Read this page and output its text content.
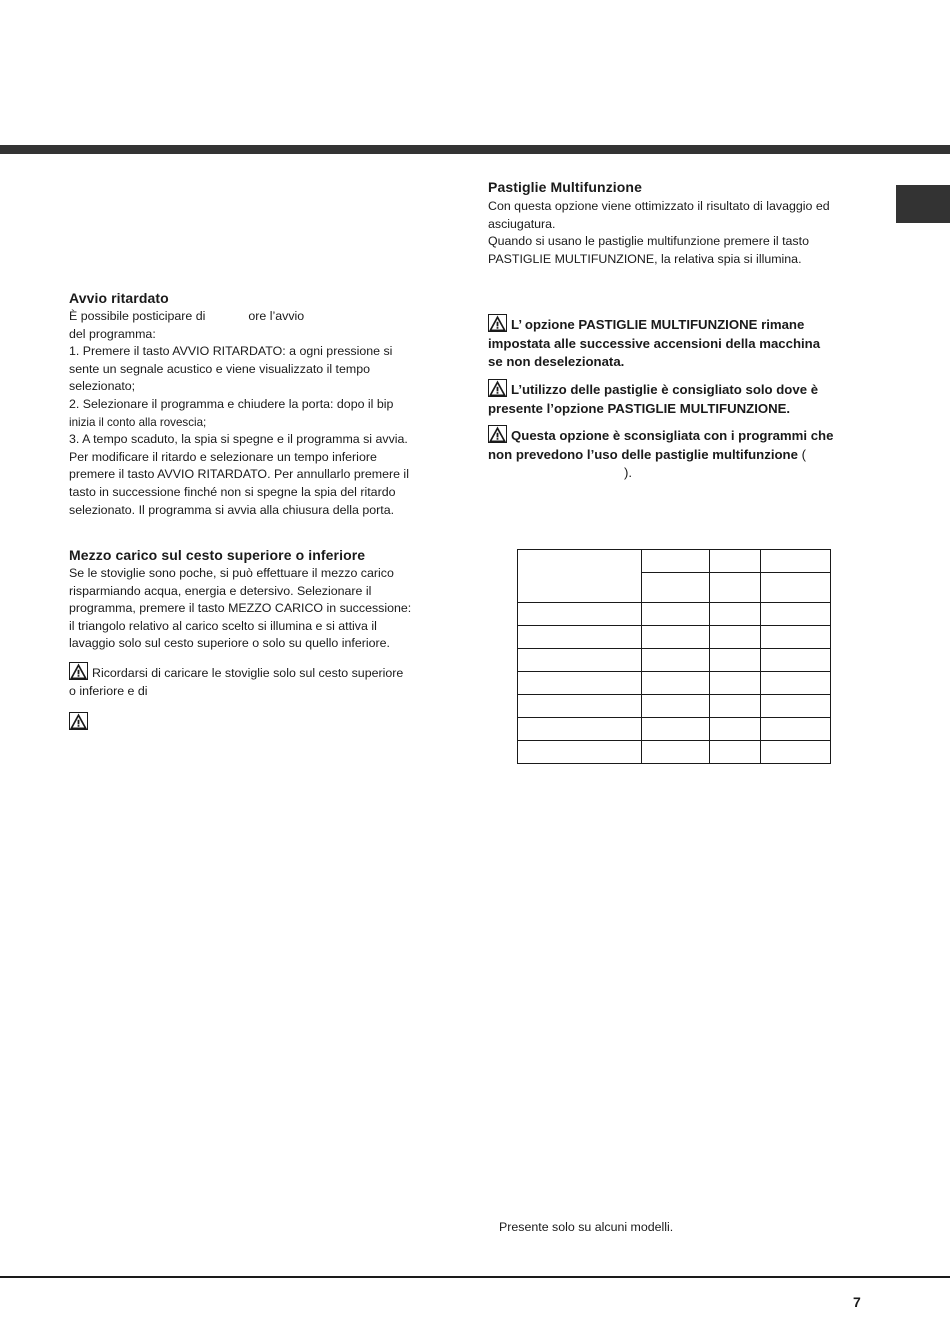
Pastiglie Multifunzione

Con questa opzione viene ottimizzato il risultato di lavaggio ed
asciugatura.
Quando si usano le pastiglie multifunzione premere il tasto
PASTIGLIE MULTIFUNZIONE, la relativa spia si illumina.

L’ opzione PASTIGLIE MULTIFUNZIONE rimane
impostata alle successive accensioni della macchina
se non deselezionata.

L’utilizzo delle pastiglie è consigliato solo dove è
presente l’opzione PASTIGLIE MULTIFUNZIONE.

Questa opzione è sconsigliata con i programmi che
non prevedono l’uso delle pastiglie multifunzione (
).

Avvio ritardato

È possibile posticipare di	ore l’avvio
del programma:
1. Premere il tasto AVVIO RITARDATO: a ogni pressione si
sente un segnale acustico e viene visualizzato il tempo
selezionato;
2. Selezionare il programma e chiudere la porta: dopo il bip
inizia il conto alla rovescia;
3. A tempo scaduto, la spia si spegne e il programma si avvia.
Per modificare il ritardo e selezionare un tempo inferiore
premere il tasto AVVIO RITARDATO. Per annullarlo premere il
tasto in successione finché non si spegne la spia del ritardo
selezionato. Il programma si avvia alla chiusura della porta.

Mezzo carico sul cesto superiore o inferiore

Se le stoviglie sono poche, si può effettuare il mezzo carico
risparmiando acqua, energia e detersivo. Selezionare il
programma, premere il tasto MEZZO CARICO in successione:
il triangolo relativo al carico scelto si illumina e si attiva il
lavaggio solo sul cesto superiore o solo su quello inferiore.

Ricordarsi di caricare le stoviglie solo sul cesto superiore
o inferiore e di

Presente solo su alcuni modelli.
7
